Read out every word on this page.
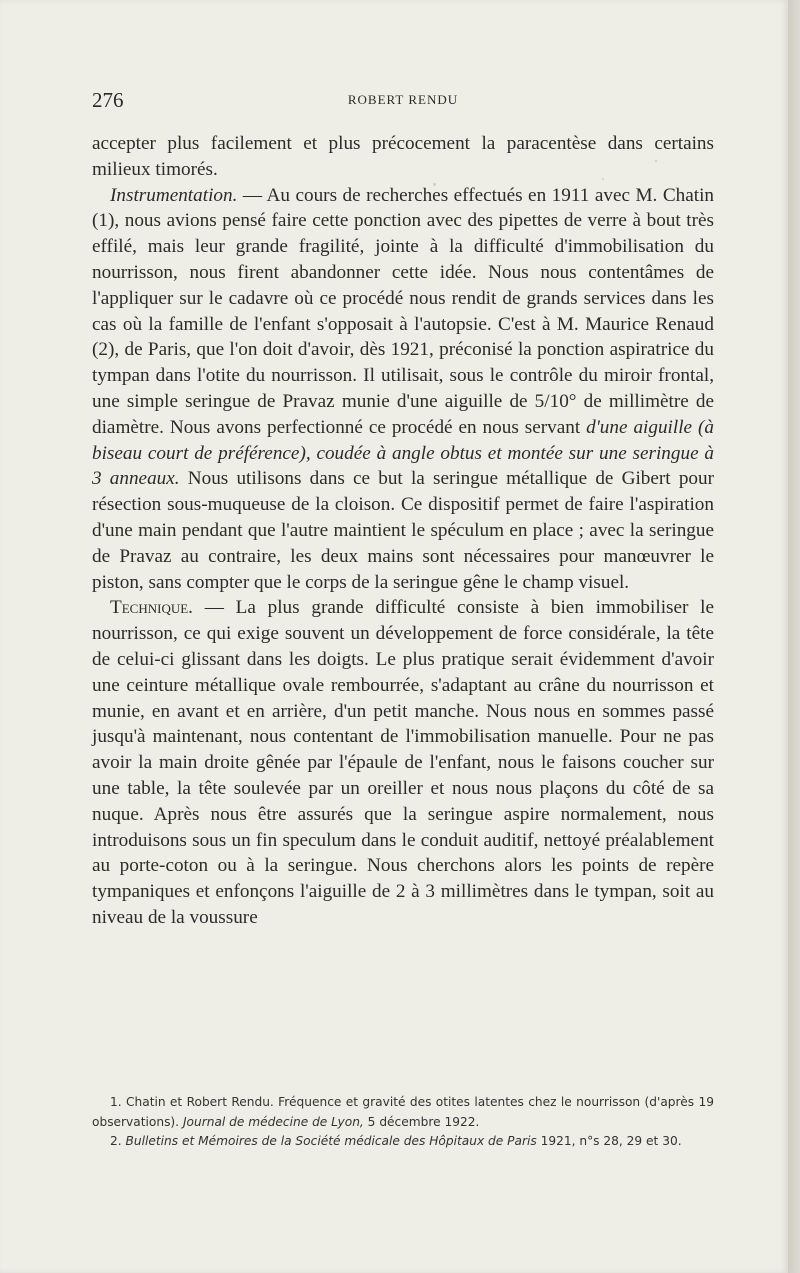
276	ROBERT RENDU

accepter plus facilement et plus précocement la paracentèse dans certains milieux timorés.

Instrumentation. — Au cours de recherches effectués en 1911 avec M. Chatin (1), nous avions pensé faire cette ponction avec des pipettes de verre à bout très effilé, mais leur grande fragilité, jointe à la difficulté d'immobilisation du nourrisson, nous firent abandonner cette idée. Nous nous contentâmes de l'appliquer sur le cadavre où ce procédé nous rendit de grands services dans les cas où la famille de l'enfant s'opposait à l'autopsie. C'est à M. Maurice Renaud (2), de Paris, que l'on doit d'avoir, dès 1921, préconisé la ponction aspiratrice du tympan dans l'otite du nourrisson. Il utilisait, sous le contrôle du miroir frontal, une simple seringue de Pravaz munie d'une aiguille de 5/10° de millimètre de diamètre. Nous avons perfectionné ce procédé en nous servant d'une aiguille (à biseau court de préférence), coudée à angle obtus et montée sur une seringue à 3 anneaux. Nous utilisons dans ce but la seringue métallique de Gibert pour résection sous-muqueuse de la cloison. Ce dispositif permet de faire l'aspiration d'une main pendant que l'autre maintient le spéculum en place ; avec la seringue de Pravaz au contraire, les deux mains sont nécessaires pour manœuvrer le piston, sans compter que le corps de la seringue gêne le champ visuel.

Technique. — La plus grande difficulté consiste à bien immobiliser le nourrisson, ce qui exige souvent un développement de force considérale, la tête de celui-ci glissant dans les doigts. Le plus pratique serait évidemment d'avoir une ceinture métallique ovale rembourrée, s'adaptant au crâne du nourrisson et munie, en avant et en arrière, d'un petit manche. Nous nous en sommes passé jusqu'à maintenant, nous contentant de l'immobilisation manuelle. Pour ne pas avoir la main droite gênée par l'épaule de l'enfant, nous le faisons coucher sur une table, la tête soulevée par un oreiller et nous nous plaçons du côté de sa nuque. Après nous être assurés que la seringue aspire normalement, nous introduisons sous un fin speculum dans le conduit auditif, nettoyé préalablement au porte-coton ou à la seringue. Nous cherchons alors les points de repère tympaniques et enfonçons l'aiguille de 2 à 3 millimètres dans le tympan, soit au niveau de la voussure

1. Chatin et Robert Rendu. Fréquence et gravité des otites latentes chez le nourrisson (d'après 19 observations). Journal de médecine de Lyon, 5 décembre 1922.

2. Bulletins et Mémoires de la Société médicale des Hôpitaux de Paris 1921, n°s 28, 29 et 30.
